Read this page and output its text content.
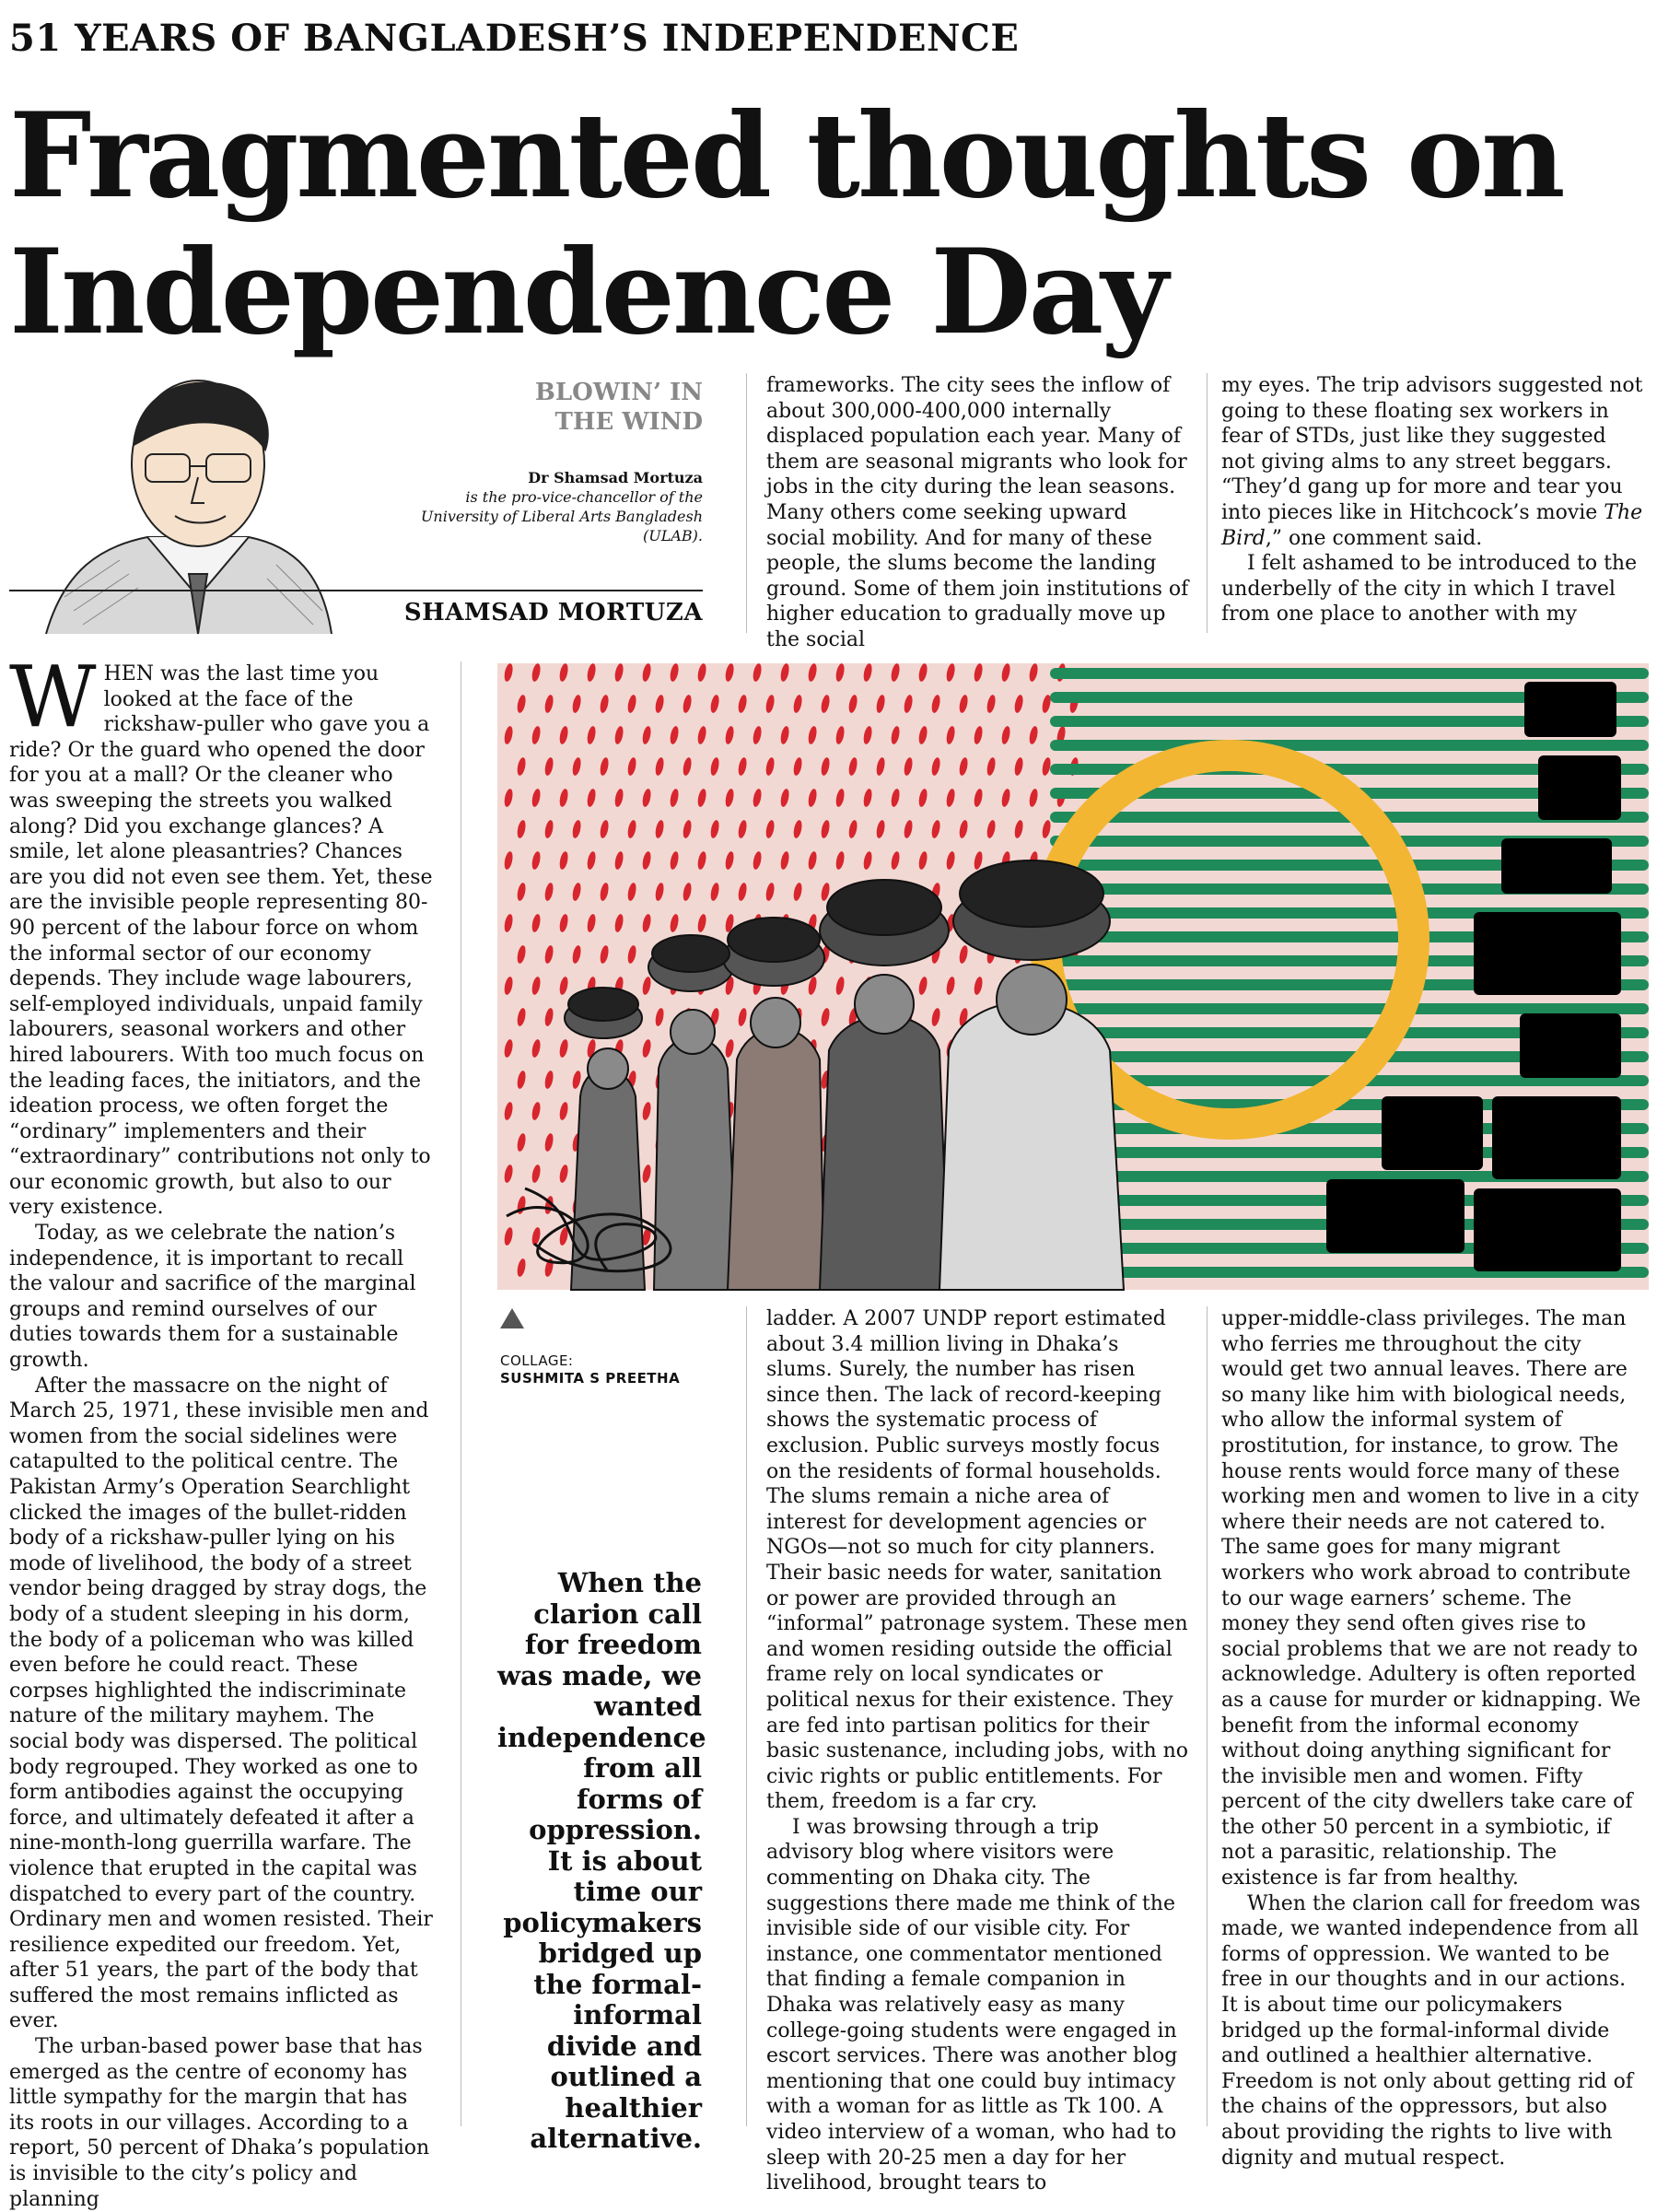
51 YEARS OF BANGLADESH’S INDEPENDENCE
Fragmented thoughts on Independence Day
BLOWIN’ IN
THE WIND
Dr Shamsad Mortuza
is the pro-vice-chancellor of the University of Liberal Arts Bangladesh (ULAB).
SHAMSAD MORTUZA

frameworks. The city sees the inflow of about 300,000-400,000 internally displaced population each year. Many of them are seasonal migrants who look for jobs in the city during the lean seasons. Many others come seeking upward social mobility. And for many of these people, the slums become the landing ground. Some of them join institutions of higher education to gradually move up the social

my eyes. The trip advisors suggested not going to these floating sex workers in fear of STDs, just like they suggested not giving alms to any street beggars. “They’d gang up for more and tear you into pieces like in Hitchcock’s movie The Bird,” one comment said.

I felt ashamed to be introduced to the underbelly of the city in which I travel from one place to another with my

WHEN was the last time you looked at the face of the rickshaw-puller who gave you a ride? Or the guard who opened the door for you at a mall? Or the cleaner who was sweeping the streets you walked along? Did you exchange glances? A smile, let alone pleasantries? Chances are you did not even see them. Yet, these are the invisible people representing 80-90 percent of the labour force on whom the informal sector of our economy depends. They include wage labourers, self-employed individuals, unpaid family labourers, seasonal workers and other hired labourers. With too much focus on the leading faces, the initiators, and the ideation process, we often forget the “ordinary” implementers and their “extraordinary” contributions not only to our economic growth, but also to our very existence.

Today, as we celebrate the nation’s independence, it is important to recall the valour and sacrifice of the marginal groups and remind ourselves of our duties towards them for a sustainable growth.

After the massacre on the night of March 25, 1971, these invisible men and women from the social sidelines were catapulted to the political centre. The Pakistan Army’s Operation Searchlight clicked the images of the bullet-ridden body of a rickshaw-puller lying on his mode of livelihood, the body of a street vendor being dragged by stray dogs, the body of a student sleeping in his dorm, the body of a policeman who was killed even before he could react. These corpses highlighted the indiscriminate nature of the military mayhem. The social body was dispersed. The political body regrouped. They worked as one to form antibodies against the occupying force, and ultimately defeated it after a nine-month-long guerrilla warfare. The violence that erupted in the capital was dispatched to every part of the country. Ordinary men and women resisted. Their resilience expedited our freedom. Yet, after 51 years, the part of the body that suffered the most remains inflicted as ever.

The urban-based power base that has emerged as the centre of economy has little sympathy for the margin that has its roots in our villages. According to a report, 50 percent of Dhaka’s population is invisible to the city’s policy and planning

COLLAGE:
SUSHMITA S PREETHA
When the clarion call for freedom was made, we wanted independence from all forms of oppression. It is about time our policymakers bridged up the formal-informal divide and outlined a healthier alternative.

ladder. A 2007 UNDP report estimated about 3.4 million living in Dhaka’s slums. Surely, the number has risen since then. The lack of record-keeping shows the systematic process of exclusion. Public surveys mostly focus on the residents of formal households. The slums remain a niche area of interest for development agencies or NGOs—not so much for city planners. Their basic needs for water, sanitation or power are provided through an “informal” patronage system. These men and women residing outside the official frame rely on local syndicates or political nexus for their existence. They are fed into partisan politics for their basic sustenance, including jobs, with no civic rights or public entitlements. For them, freedom is a far cry.

I was browsing through a trip advisory blog where visitors were commenting on Dhaka city. The suggestions there made me think of the invisible side of our visible city. For instance, one commentator mentioned that finding a female companion in Dhaka was relatively easy as many college-going students were engaged in escort services. There was another blog mentioning that one could buy intimacy with a woman for as little as Tk 100. A video interview of a woman, who had to sleep with 20-25 men a day for her livelihood, brought tears to

upper-middle-class privileges. The man who ferries me throughout the city would get two annual leaves. There are so many like him with biological needs, who allow the informal system of prostitution, for instance, to grow. The house rents would force many of these working men and women to live in a city where their needs are not catered to. The same goes for many migrant workers who work abroad to contribute to our wage earners’ scheme. The money they send often gives rise to social problems that we are not ready to acknowledge. Adultery is often reported as a cause for murder or kidnapping. We benefit from the informal economy without doing anything significant for the invisible men and women. Fifty percent of the city dwellers take care of the other 50 percent in a symbiotic, if not a parasitic, relationship. The existence is far from healthy.

When the clarion call for freedom was made, we wanted independence from all forms of oppression. We wanted to be free in our thoughts and in our actions. It is about time our policymakers bridged up the formal-informal divide and outlined a healthier alternative. Freedom is not only about getting rid of the chains of the oppressors, but also about providing the rights to live with dignity and mutual respect.
